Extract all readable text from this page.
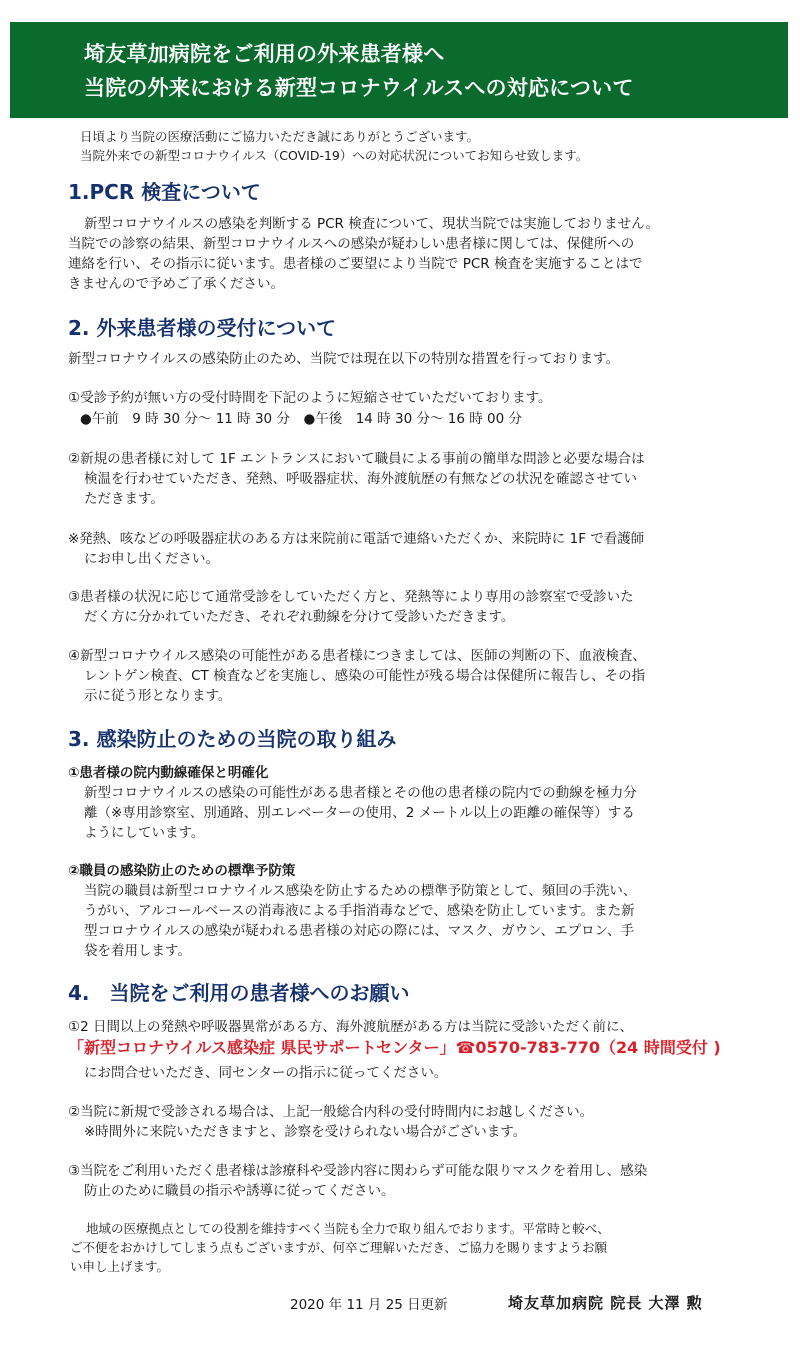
埼友草加病院をご利用の外来患者様へ
当院の外来における新型コロナウイルスへの対応について
日頃より当院の医療活動にご協力いただき誠にありがとうございます。
当院外来での新型コロナウイルス（COVID-19）への対応状況についてお知らせ致します。
1.PCR 検査について
新型コロナウイルスの感染を判断する PCR 検査について、現状当院では実施しておりません。
当院での診察の結果、新型コロナウイルスへの感染が疑わしい患者様に関しては、保健所への
連絡を行い、その指示に従います。患者様のご要望により当院で PCR 検査を実施することはで
きませんので予めご了承ください。
2. 外来患者様の受付について
新型コロナウイルスの感染防止のため、当院では現在以下の特別な措置を行っております。
①受診予約が無い方の受付時間を下記のように短縮させていただいております。
●午前　9 時 30 分～ 11 時 30 分　●午後　14 時 30 分～ 16 時 00 分
②新規の患者様に対して 1F エントランスにおいて職員による事前の簡単な問診と必要な場合は
検温を行わせていただき、発熱、呼吸器症状、海外渡航歴の有無などの状況を確認させてい
ただきます。
※発熱、咳などの呼吸器症状のある方は来院前に電話で連絡いただくか、来院時に 1F で看護師
にお申し出ください。
③患者様の状況に応じて通常受診をしていただく方と、発熱等により専用の診察室で受診いた
だく方に分かれていただき、それぞれ動線を分けて受診いただきます。
④新型コロナウイルス感染の可能性がある患者様につきましては、医師の判断の下、血液検査、
レントゲン検査、CT 検査などを実施し、感染の可能性が残る場合は保健所に報告し、その指
示に従う形となります。
3. 感染防止のための当院の取り組み
①患者様の院内動線確保と明確化
新型コロナウイルスの感染の可能性がある患者様とその他の患者様の院内での動線を極力分
離（※専用診察室、別通路、別エレベーターの使用、2 メートル以上の距離の確保等）する
ようにしています。
②職員の感染防止のための標準予防策
当院の職員は新型コロナウイルス感染を防止するための標準予防策として、頻回の手洗い、
うがい、アルコールベースの消毒液による手指消毒などで、感染を防止しています。また新
型コロナウイルスの感染が疑われる患者様の対応の際には、マスク、ガウン、エプロン、手
袋を着用します。
4.　当院をご利用の患者様へのお願い
①2 日間以上の発熱や呼吸器異常がある方、海外渡航歴がある方は当院に受診いただく前に、
「新型コロナウイルス感染症 県民サポートセンター」☎0570-783-770（24 時間受付 )
にお問合せいただき、同センターの指示に従ってください。
②当院に新規で受診される場合は、上記一般総合内科の受付時間内にお越しください。
※時間外に来院いただきますと、診察を受けられない場合がございます。
③当院をご利用いただく患者様は診療科や受診内容に関わらず可能な限りマスクを着用し、感染
防止のために職員の指示や誘導に従ってください。
地域の医療拠点としての役割を維持すべく当院も全力で取り組んでおります。平常時と較べ、
ご不便をおかけしてしまう点もございますが、何卒ご理解いただき、ご協力を賜りますようお願
い申し上げます。
2020 年 11 月 25 日更新	埼友草加病院 院長 大澤 勲
